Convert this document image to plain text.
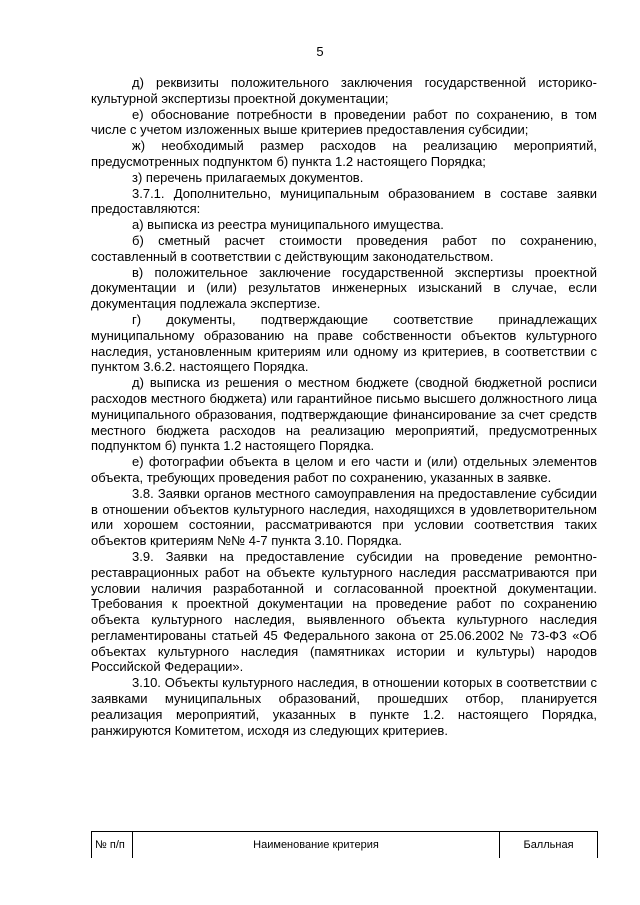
5

д) реквизиты положительного заключения государственной историко-культурной экспертизы проектной документации;

е) обоснование потребности в проведении работ по сохранению, в том числе с учетом изложенных выше критериев предоставления субсидии;

ж) необходимый размер расходов на реализацию мероприятий, предусмотренных подпунктом б) пункта 1.2 настоящего Порядка;

з) перечень прилагаемых документов.

3.7.1. Дополнительно, муниципальным образованием в составе заявки предоставляются:

а) выписка из реестра муниципального имущества.

б) сметный расчет стоимости проведения работ по сохранению, составленный в соответствии с действующим законодательством.

в) положительное заключение государственной экспертизы проектной документации и (или) результатов инженерных изысканий в случае, если документация подлежала экспертизе.

г) документы, подтверждающие соответствие принадлежащих муниципальному образованию на праве собственности объектов культурного наследия, установленным критериям или одному из критериев, в соответствии с пунктом 3.6.2. настоящего Порядка.

д) выписка из решения о местном бюджете (сводной бюджетной росписи расходов местного бюджета) или гарантийное письмо высшего должностного лица муниципального образования, подтверждающие финансирование за счет средств местного бюджета расходов на реализацию мероприятий, предусмотренных подпунктом б) пункта 1.2 настоящего Порядка.

е) фотографии объекта в целом и его части и (или) отдельных элементов объекта, требующих проведения работ по сохранению, указанных в заявке.

3.8. Заявки органов местного самоуправления на предоставление субсидии в отношении объектов культурного наследия, находящихся в удовлетворительном или хорошем состоянии, рассматриваются при условии соответствия таких объектов критериям №№ 4-7 пункта 3.10. Порядка.

3.9. Заявки на предоставление субсидии на проведение ремонтно-реставрационных работ на объекте культурного наследия рассматриваются при условии наличия разработанной и согласованной проектной документации. Требования к проектной документации на проведение работ по сохранению объекта культурного наследия, выявленного объекта культурного наследия регламентированы статьей 45 Федерального закона от 25.06.2002 № 73-ФЗ «Об объектах культурного наследия (памятниках истории и культуры) народов Российской Федерации».

3.10. Объекты культурного наследия, в отношении которых в соответствии с заявками муниципальных образований, прошедших отбор, планируется реализация мероприятий, указанных в пункте 1.2. настоящего Порядка, ранжируются Комитетом, исходя из следующих критериев.

№ п/п	Наименование критерия	Балльная
